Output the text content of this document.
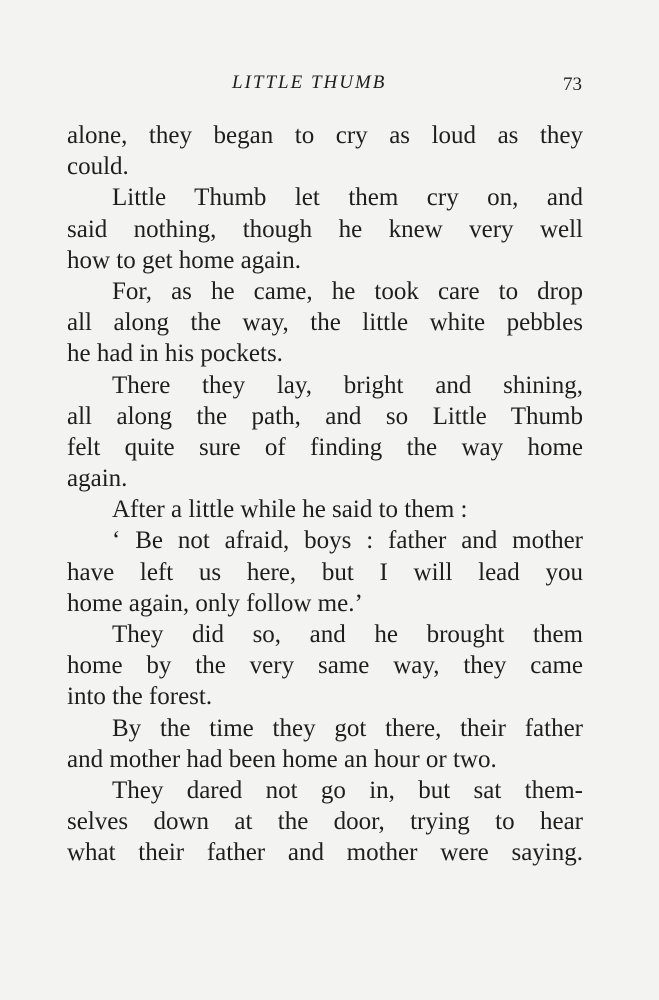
LITTLE THUMB	73
alone, they began to cry as loud as they
could.
Little Thumb let them cry on, and
said nothing, though he knew very well
how to get home again.
For, as he came, he took care to drop
all along the way, the little white pebbles
he had in his pockets.
There they lay, bright and shining,
all along the path, and so Little Thumb
felt quite sure of finding the way home
again.
After a little while he said to them :
‘ Be not afraid, boys : father and mother
have left us here, but I will lead you
home again, only follow me.’
They did so, and he brought them
home by the very same way, they came
into the forest.
By the time they got there, their father
and mother had been home an hour or two.
They dared not go in, but sat them-
selves down at the door, trying to hear
what their father and mother were saying.
